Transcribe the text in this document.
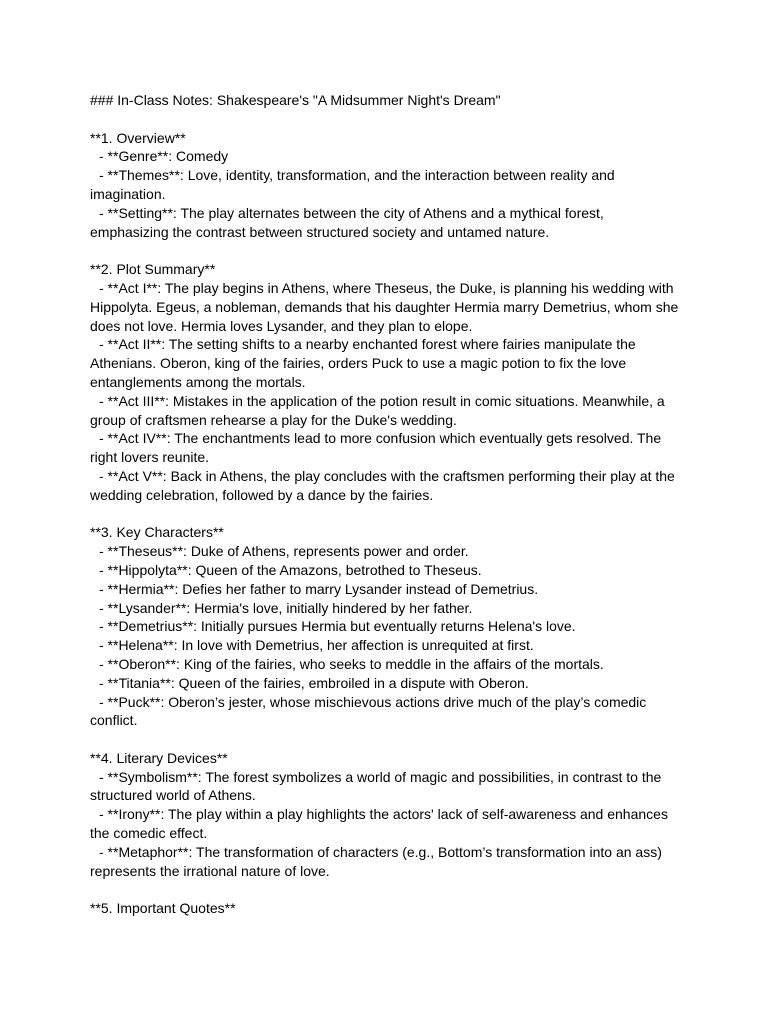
### In-Class Notes: Shakespeare's "A Midsummer Night's Dream"
**1. Overview**
- **Genre**: Comedy
- **Themes**: Love, identity, transformation, and the interaction between reality and
imagination.
- **Setting**: The play alternates between the city of Athens and a mythical forest,
emphasizing the contrast between structured society and untamed nature.
**2. Plot Summary**
- **Act I**: The play begins in Athens, where Theseus, the Duke, is planning his wedding with
Hippolyta. Egeus, a nobleman, demands that his daughter Hermia marry Demetrius, whom she
does not love. Hermia loves Lysander, and they plan to elope.
- **Act II**: The setting shifts to a nearby enchanted forest where fairies manipulate the
Athenians. Oberon, king of the fairies, orders Puck to use a magic potion to fix the love
entanglements among the mortals.
- **Act III**: Mistakes in the application of the potion result in comic situations. Meanwhile, a
group of craftsmen rehearse a play for the Duke's wedding.
- **Act IV**: The enchantments lead to more confusion which eventually gets resolved. The
right lovers reunite.
- **Act V**: Back in Athens, the play concludes with the craftsmen performing their play at the
wedding celebration, followed by a dance by the fairies.
**3. Key Characters**
- **Theseus**: Duke of Athens, represents power and order.
- **Hippolyta**: Queen of the Amazons, betrothed to Theseus.
- **Hermia**: Defies her father to marry Lysander instead of Demetrius.
- **Lysander**: Hermia's love, initially hindered by her father.
- **Demetrius**: Initially pursues Hermia but eventually returns Helena's love.
- **Helena**: In love with Demetrius, her affection is unrequited at first.
- **Oberon**: King of the fairies, who seeks to meddle in the affairs of the mortals.
- **Titania**: Queen of the fairies, embroiled in a dispute with Oberon.
- **Puck**: Oberon’s jester, whose mischievous actions drive much of the play’s comedic
conflict.
**4. Literary Devices**
- **Symbolism**: The forest symbolizes a world of magic and possibilities, in contrast to the
structured world of Athens.
- **Irony**: The play within a play highlights the actors' lack of self-awareness and enhances
the comedic effect.
- **Metaphor**: The transformation of characters (e.g., Bottom’s transformation into an ass)
represents the irrational nature of love.
**5. Important Quotes**
